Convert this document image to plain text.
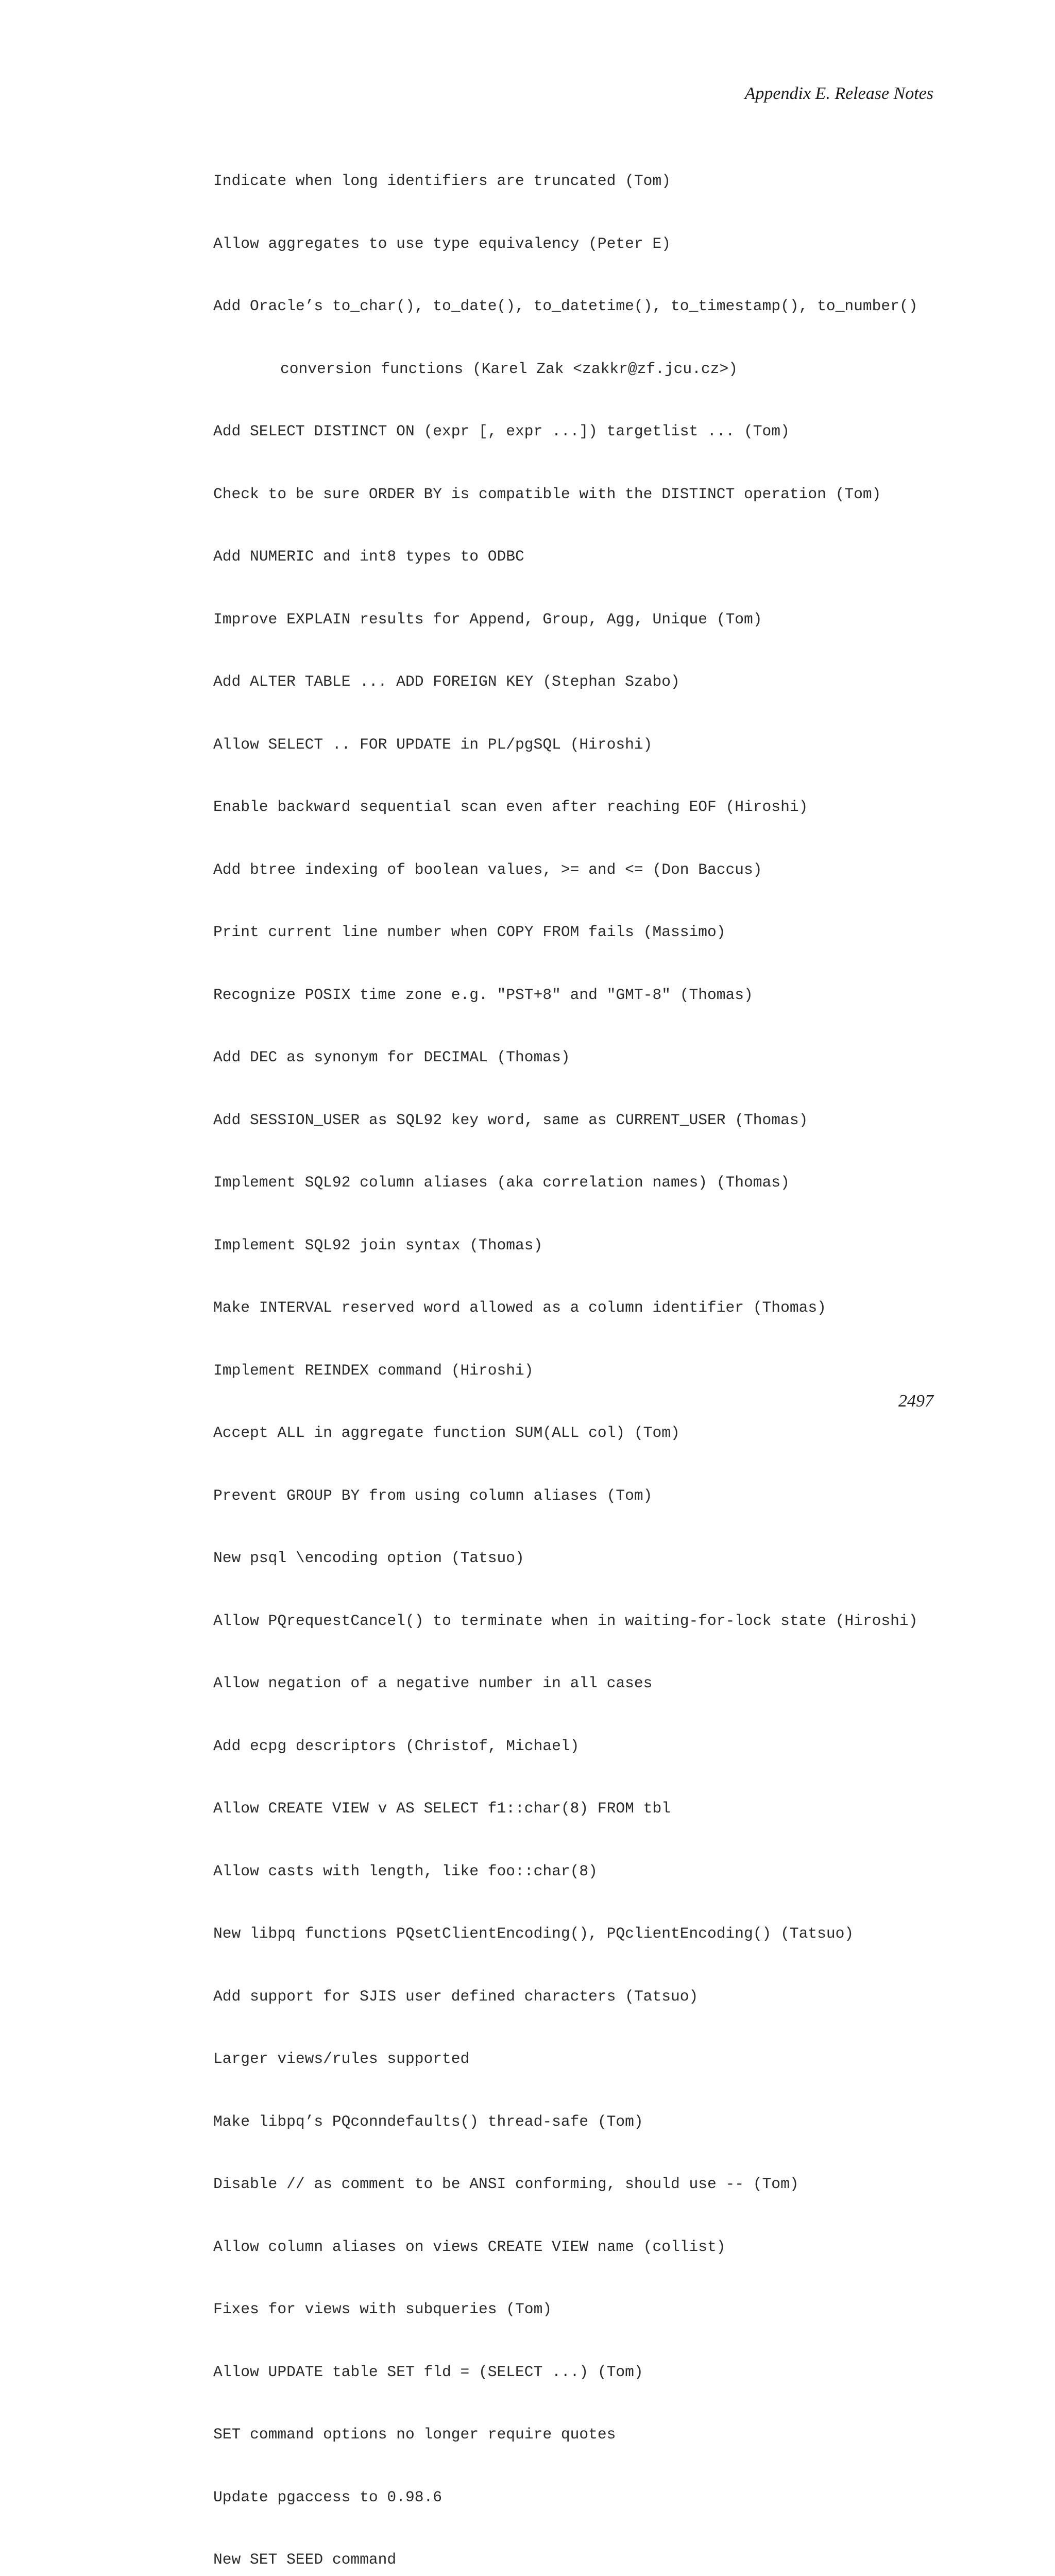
Appendix E. Release Notes

Indicate when long identifiers are truncated (Tom)

Allow aggregates to use type equivalency (Peter E)

Add Oracle’s to_char(), to_date(), to_datetime(), to_timestamp(), to_number()

conversion functions (Karel Zak <zakkr@zf.jcu.cz>)

Add SELECT DISTINCT ON (expr [, expr ...]) targetlist ... (Tom)

Check to be sure ORDER BY is compatible with the DISTINCT operation (Tom)

Add NUMERIC and int8 types to ODBC

Improve EXPLAIN results for Append, Group, Agg, Unique (Tom)

Add ALTER TABLE ... ADD FOREIGN KEY (Stephan Szabo)

Allow SELECT .. FOR UPDATE in PL/pgSQL (Hiroshi)

Enable backward sequential scan even after reaching EOF (Hiroshi)

Add btree indexing of boolean values, >= and <= (Don Baccus)

Print current line number when COPY FROM fails (Massimo)

Recognize POSIX time zone e.g. "PST+8" and "GMT-8" (Thomas)

Add DEC as synonym for DECIMAL (Thomas)

Add SESSION_USER as SQL92 key word, same as CURRENT_USER (Thomas)

Implement SQL92 column aliases (aka correlation names) (Thomas)

Implement SQL92 join syntax (Thomas)

Make INTERVAL reserved word allowed as a column identifier (Thomas)

Implement REINDEX command (Hiroshi)

Accept ALL in aggregate function SUM(ALL col) (Tom)

Prevent GROUP BY from using column aliases (Tom)

New psql \encoding option (Tatsuo)

Allow PQrequestCancel() to terminate when in waiting-for-lock state (Hiroshi)

Allow negation of a negative number in all cases

Add ecpg descriptors (Christof, Michael)

Allow CREATE VIEW v AS SELECT f1::char(8) FROM tbl

Allow casts with length, like foo::char(8)

New libpq functions PQsetClientEncoding(), PQclientEncoding() (Tatsuo)

Add support for SJIS user defined characters (Tatsuo)

Larger views/rules supported

Make libpq’s PQconndefaults() thread-safe (Tom)

Disable // as comment to be ANSI conforming, should use -- (Tom)

Allow column aliases on views CREATE VIEW name (collist)

Fixes for views with subqueries (Tom)

Allow UPDATE table SET fld = (SELECT ...) (Tom)

SET command options no longer require quotes

Update pgaccess to 0.98.6

New SET SEED command

2497
